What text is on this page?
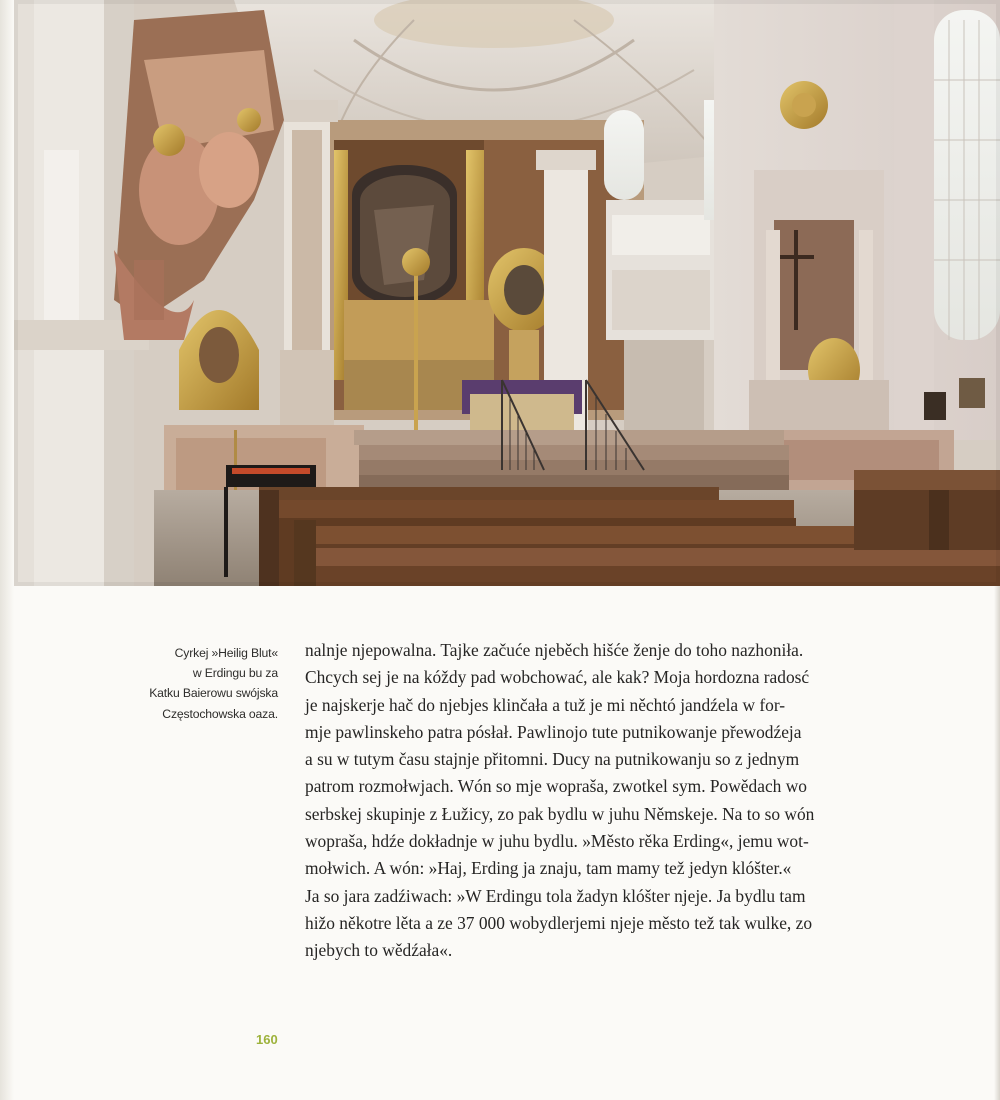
Cyrkej »Heilig Blut«
w Erdingu bu za
Katku Baierowu swójska
Częstochowska oaza.
nalnje njepowalna. Tajke začuće njeběch hišće ženje do toho nazhoniła.
Chcych sej je na kóždy pad wobchować, ale kak? Moja hordozna radosć
je najskerje hač do njebjes klinčała a tuž je mi něchtó jandźela w for-
mje pawlinskeho patra pósłał. Pawlinojo tute putnikowanje přewodźeja
a su w tutym času stajnje přitomni. Ducy na putnikowanju so z jednym
patrom rozmołwjach. Wón so mje wopraša, zwotkel sym. Powědach wo
serbskej skupinje z Łužicy, zo pak bydlu w juhu Němskeje. Na to so wón
wopraša, hdźe dokładnje w juhu bydlu. »Město rěka Erding«, jemu wot-
mołwich. A wón: »Haj, Erding ja znaju, tam mamy tež jedyn klóšter.«
Ja so jara zadźiwach: »W Erdingu tola žadyn klóšter njeje. Ja bydlu tam
hižo někotre lěta a ze 37 000 wobydlerjemi njeje město tež tak wulke, zo
njebych to wědźała«.
160
